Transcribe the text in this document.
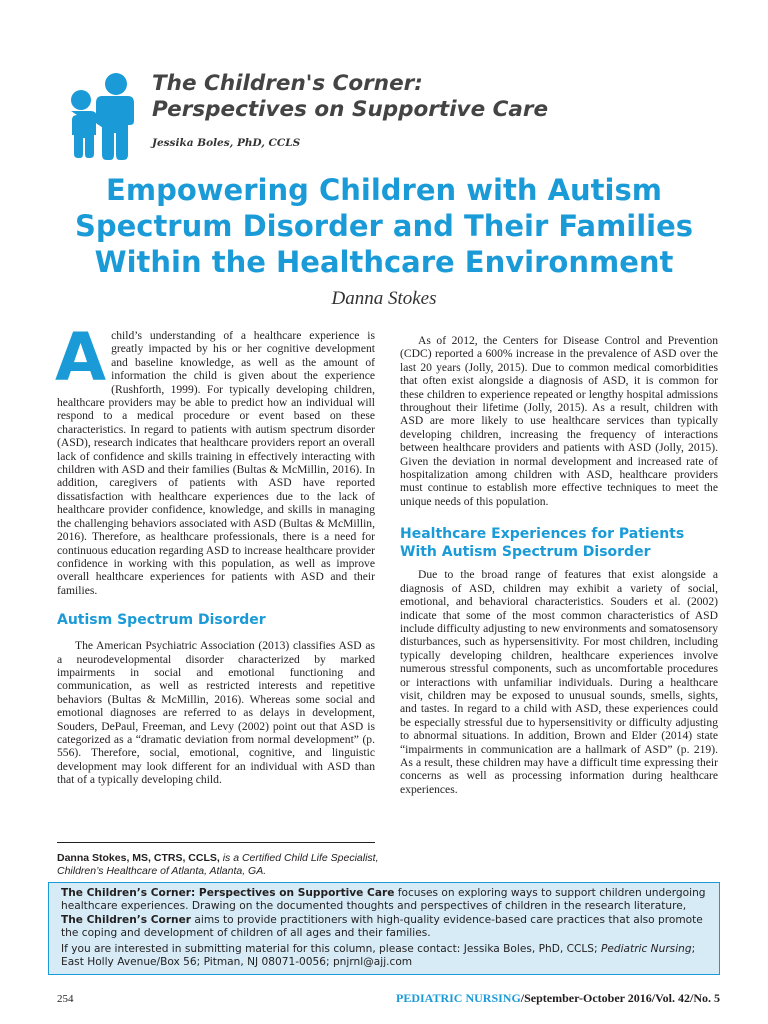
The Children's Corner:
Perspectives on Supportive Care
Jessika Boles, PhD, CCLS
Empowering Children with Autism
Spectrum Disorder and Their Families
Within the Healthcare Environment
Danna Stokes
A child’s understanding of a healthcare experience is greatly impacted by his or her cognitive development and baseline knowledge, as well as the amount of information the child is given about the experience (Rushforth, 1999). For typically developing children, healthcare providers may be able to predict how an individual will respond to a medical procedure or event based on these characteristics. In regard to patients with autism spectrum disorder (ASD), research indicates that healthcare providers report an overall lack of confidence and skills training in effectively interacting with children with ASD and their families (Bultas & McMillin, 2016). In addition, caregivers of patients with ASD have reported dissatisfaction with healthcare experiences due to the lack of healthcare provider confidence, knowledge, and skills in managing the challenging behaviors associated with ASD (Bultas & McMillin, 2016). Therefore, as healthcare professionals, there is a need for continuous education regarding ASD to increase healthcare provider confidence in working with this population, as well as improve overall healthcare experiences for patients with ASD and their families.

Autism Spectrum Disorder

The American Psychiatric Association (2013) classifies ASD as a neurodevelopmental disorder characterized by marked impairments in social and emotional functioning and communication, as well as restricted interests and repetitive behaviors (Bultas & McMillin, 2016). Whereas some social and emotional diagnoses are referred to as delays in development, Souders, DePaul, Freeman, and Levy (2002) point out that ASD is categorized as a “dramatic deviation from normal development” (p. 556). Therefore, social, emotional, cognitive, and linguistic development may look different for an individual with ASD than that of a typically developing child.

As of 2012, the Centers for Disease Control and Prevention (CDC) reported a 600% increase in the prevalence of ASD over the last 20 years (Jolly, 2015). Due to common medical comorbidities that often exist alongside a diagnosis of ASD, it is common for these children to experience repeated or lengthy hospital admissions throughout their lifetime (Jolly, 2015). As a result, children with ASD are more likely to use healthcare services than typically developing children, increasing the frequency of interactions between healthcare providers and patients with ASD (Jolly, 2015). Given the deviation in normal development and increased rate of hospitalization among children with ASD, healthcare providers must continue to establish more effective techniques to meet the unique needs of this population.

Healthcare Experiences for Patients
With Autism Spectrum Disorder

Due to the broad range of features that exist alongside a diagnosis of ASD, children may exhibit a variety of social, emotional, and behavioral characteristics. Souders et al. (2002) indicate that some of the most common characteristics of ASD include difficulty adjusting to new environments and somatosensory disturbances, such as hypersensitivity. For most children, including typically developing children, healthcare experiences involve numerous stressful components, such as uncomfortable procedures or interactions with unfamiliar individuals. During a healthcare visit, children may be exposed to unusual sounds, smells, sights, and tastes. In regard to a child with ASD, these experiences could be especially stressful due to hypersensitivity or difficulty adjusting to abnormal situations. In addition, Brown and Elder (2014) state “impairments in communication are a hallmark of ASD” (p. 219). As a result, these children may have a difficult time expressing their concerns as well as processing information during healthcare experiences.

Danna Stokes, MS, CTRS, CCLS, is a Certified Child Life Specialist,
Children’s Healthcare of Atlanta, Atlanta, GA.

The Children’s Corner: Perspectives on Supportive Care focuses on exploring ways to support children undergoing healthcare experiences. Drawing on the documented thoughts and perspectives of children in the research literature, The Children’s Corner aims to provide practitioners with high-quality evidence-based care practices that also promote the coping and development of children of all ages and their families.

If you are interested in submitting material for this column, please contact: Jessika Boles, PhD, CCLS; Pediatric Nursing; East Holly Avenue/Box 56; Pitman, NJ 08071-0056; pnjrnl@ajj.com

254	PEDIATRIC NURSING/September-October 2016/Vol. 42/No. 5
